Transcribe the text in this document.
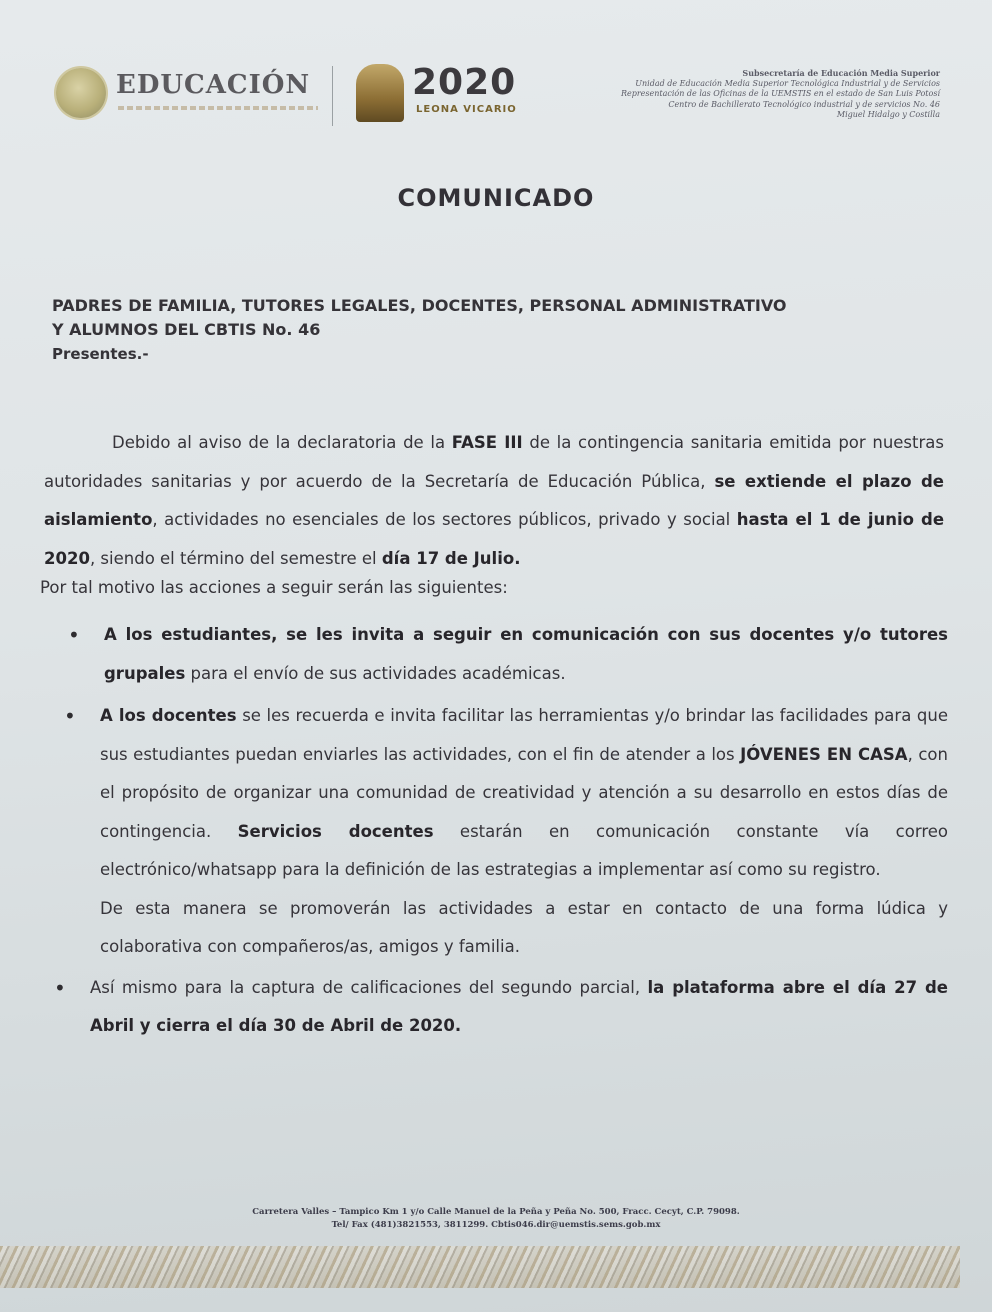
EDUCACIÓN	2020
LEONA VICARIO
Subsecretaría de Educación Media Superior
Unidad de Educación Media Superior Tecnológica Industrial y de Servicios
Representación de las Oficinas de la UEMSTIS en el estado de San Luis Potosí
Centro de Bachillerato Tecnológico industrial y de servicios No. 46
Miguel Hidalgo y Costilla
COMUNICADO
PADRES DE FAMILIA, TUTORES LEGALES, DOCENTES, PERSONAL ADMINISTRATIVO
Y ALUMNOS DEL CBTIS No. 46
Presentes.-
Debido al aviso de la declaratoria de la FASE III de la contingencia sanitaria emitida por nuestras autoridades sanitarias y por acuerdo de la Secretaría de Educación Pública, se extiende el plazo de aislamiento, actividades no esenciales de los sectores públicos, privado y social hasta el 1 de junio de 2020, siendo el término del semestre el día 17 de Julio.
Por tal motivo las acciones a seguir serán las siguientes:
• A los estudiantes, se les invita a seguir en comunicación con sus docentes y/o tutores grupales para el envío de sus actividades académicas.
• A los docentes se les recuerda e invita facilitar las herramientas y/o brindar las facilidades para que sus estudiantes puedan enviarles las actividades, con el fin de atender a los JÓVENES EN CASA, con el propósito de organizar una comunidad de creatividad y atención a su desarrollo en estos días de contingencia. Servicios docentes estarán en comunicación constante vía correo electrónico/whatsapp para la definición de las estrategias a implementar así como su registro.
De esta manera se promoverán las actividades a estar en contacto de una forma lúdica y colaborativa con compañeros/as, amigos y familia.
• Así mismo para la captura de calificaciones del segundo parcial, la plataforma abre el día 27 de Abril y cierra el día 30 de Abril de 2020.
Carretera Valles – Tampico Km 1 y/o Calle Manuel de la Peña y Peña No. 500, Fracc. Cecyt, C.P. 79098.
Tel/ Fax (481)3821553, 3811299. Cbtis046.dir@uemstis.sems.gob.mx
